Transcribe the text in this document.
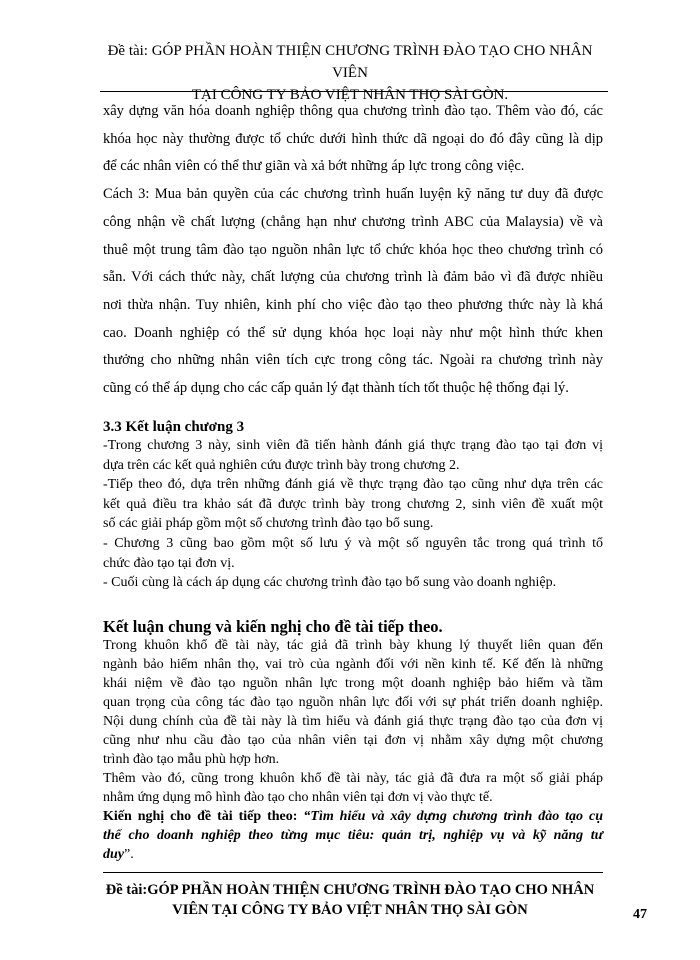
Đề tài: GÓP PHẦN HOÀN THIỆN CHƯƠNG TRÌNH ĐÀO TẠO CHO NHÂN VIÊN
TẠI CÔNG TY BẢO VIỆT NHÂN THỌ SÀI GÒN.
xây dựng văn hóa doanh nghiệp thông qua chương trình đào tạo. Thêm vào đó, các
khóa học này thường được tổ chức dưới hình thức dã ngoại do đó đây cũng là dịp
để các nhân viên có thể thư giãn và xả bớt những áp lực trong công việc.
Cách 3: Mua bản quyền của các chương trình huấn luyện kỹ năng tư duy đã được
công nhận về chất lượng (chẳng hạn như chương trình ABC của Malaysia) về và
thuê một trung tâm đào tạo nguồn nhân lực tổ chức khóa học theo chương trình có
sẵn. Với cách thức này, chất lượng của chương trình là đảm bảo vì đã được nhiều
nơi thừa nhận. Tuy nhiên, kinh phí cho việc đào tạo theo phương thức này là khá
cao. Doanh nghiệp có thể sử dụng khóa học loại này như một hình thức khen
thưởng cho những nhân viên tích cực trong công tác. Ngoài ra chương trình này
cũng có thể áp dụng cho các cấp quản lý đạt thành tích tốt thuộc hệ thống đại lý.
3.3 Kết luận chương 3

-Trong chương 3 này, sinh viên đã tiến hành đánh giá thực trạng đào tạo tại đơn vị

dựa trên các kết quả nghiên cứu được trình bày trong chương 2.

-Tiếp theo đó, dựa trên những đánh giá về thực trạng đào tạo cũng như dựa trên các

kết quả điều tra khảo sát đã được trình bày trong chương 2, sinh viên đề xuất một

số các giải pháp gồm một số chương trình đào tạo bổ sung.

- Chương 3 cũng bao gồm một số lưu ý và một số nguyên tắc trong quá trình tổ

chức đào tạo tại đơn vị.

- Cuối cùng là cách áp dụng các chương trình đào tạo bổ sung vào doanh nghiệp.

Kết luận chung và kiến nghị cho đề tài tiếp theo.

Trong khuôn khổ đề tài này, tác giả đã trình bày khung lý thuyết liên quan đến

ngành bảo hiểm nhân thọ, vai trò của ngành đối với nền kinh tế. Kế đến là những

khái niệm về đào tạo nguồn nhân lực trong một doanh nghiệp bảo hiểm và tầm

quan trọng của công tác đào tạo nguồn nhân lực đối với sự phát triển doanh nghiệp.

Nội dung chính của đề tài này là tìm hiểu và đánh giá thực trạng đào tạo của đơn vị

cũng như nhu cầu đào tạo của nhân viên tại đơn vị nhằm xây dựng một chương

trình đào tạo mẫu phù hợp hơn.

Thêm vào đó, cũng trong khuôn khổ đề tài này, tác giả đã đưa ra một số giải pháp

nhằm ứng dụng mô hình đào tạo cho nhân viên tại đơn vị vào thực tế.

Kiến nghị cho đề tài tiếp theo: “Tìm hiểu và xây dựng chương trình đào tạo cụ

thể cho doanh nghiệp theo từng mục tiêu: quản trị, nghiệp vụ và kỹ năng tư

duy”.

Đề tài:GÓP PHẦN HOÀN THIỆN CHƯƠNG TRÌNH ĐÀO TẠO CHO NHÂN
VIÊN TẠI CÔNG TY BẢO VIỆT NHÂN THỌ SÀI GÒN	47
